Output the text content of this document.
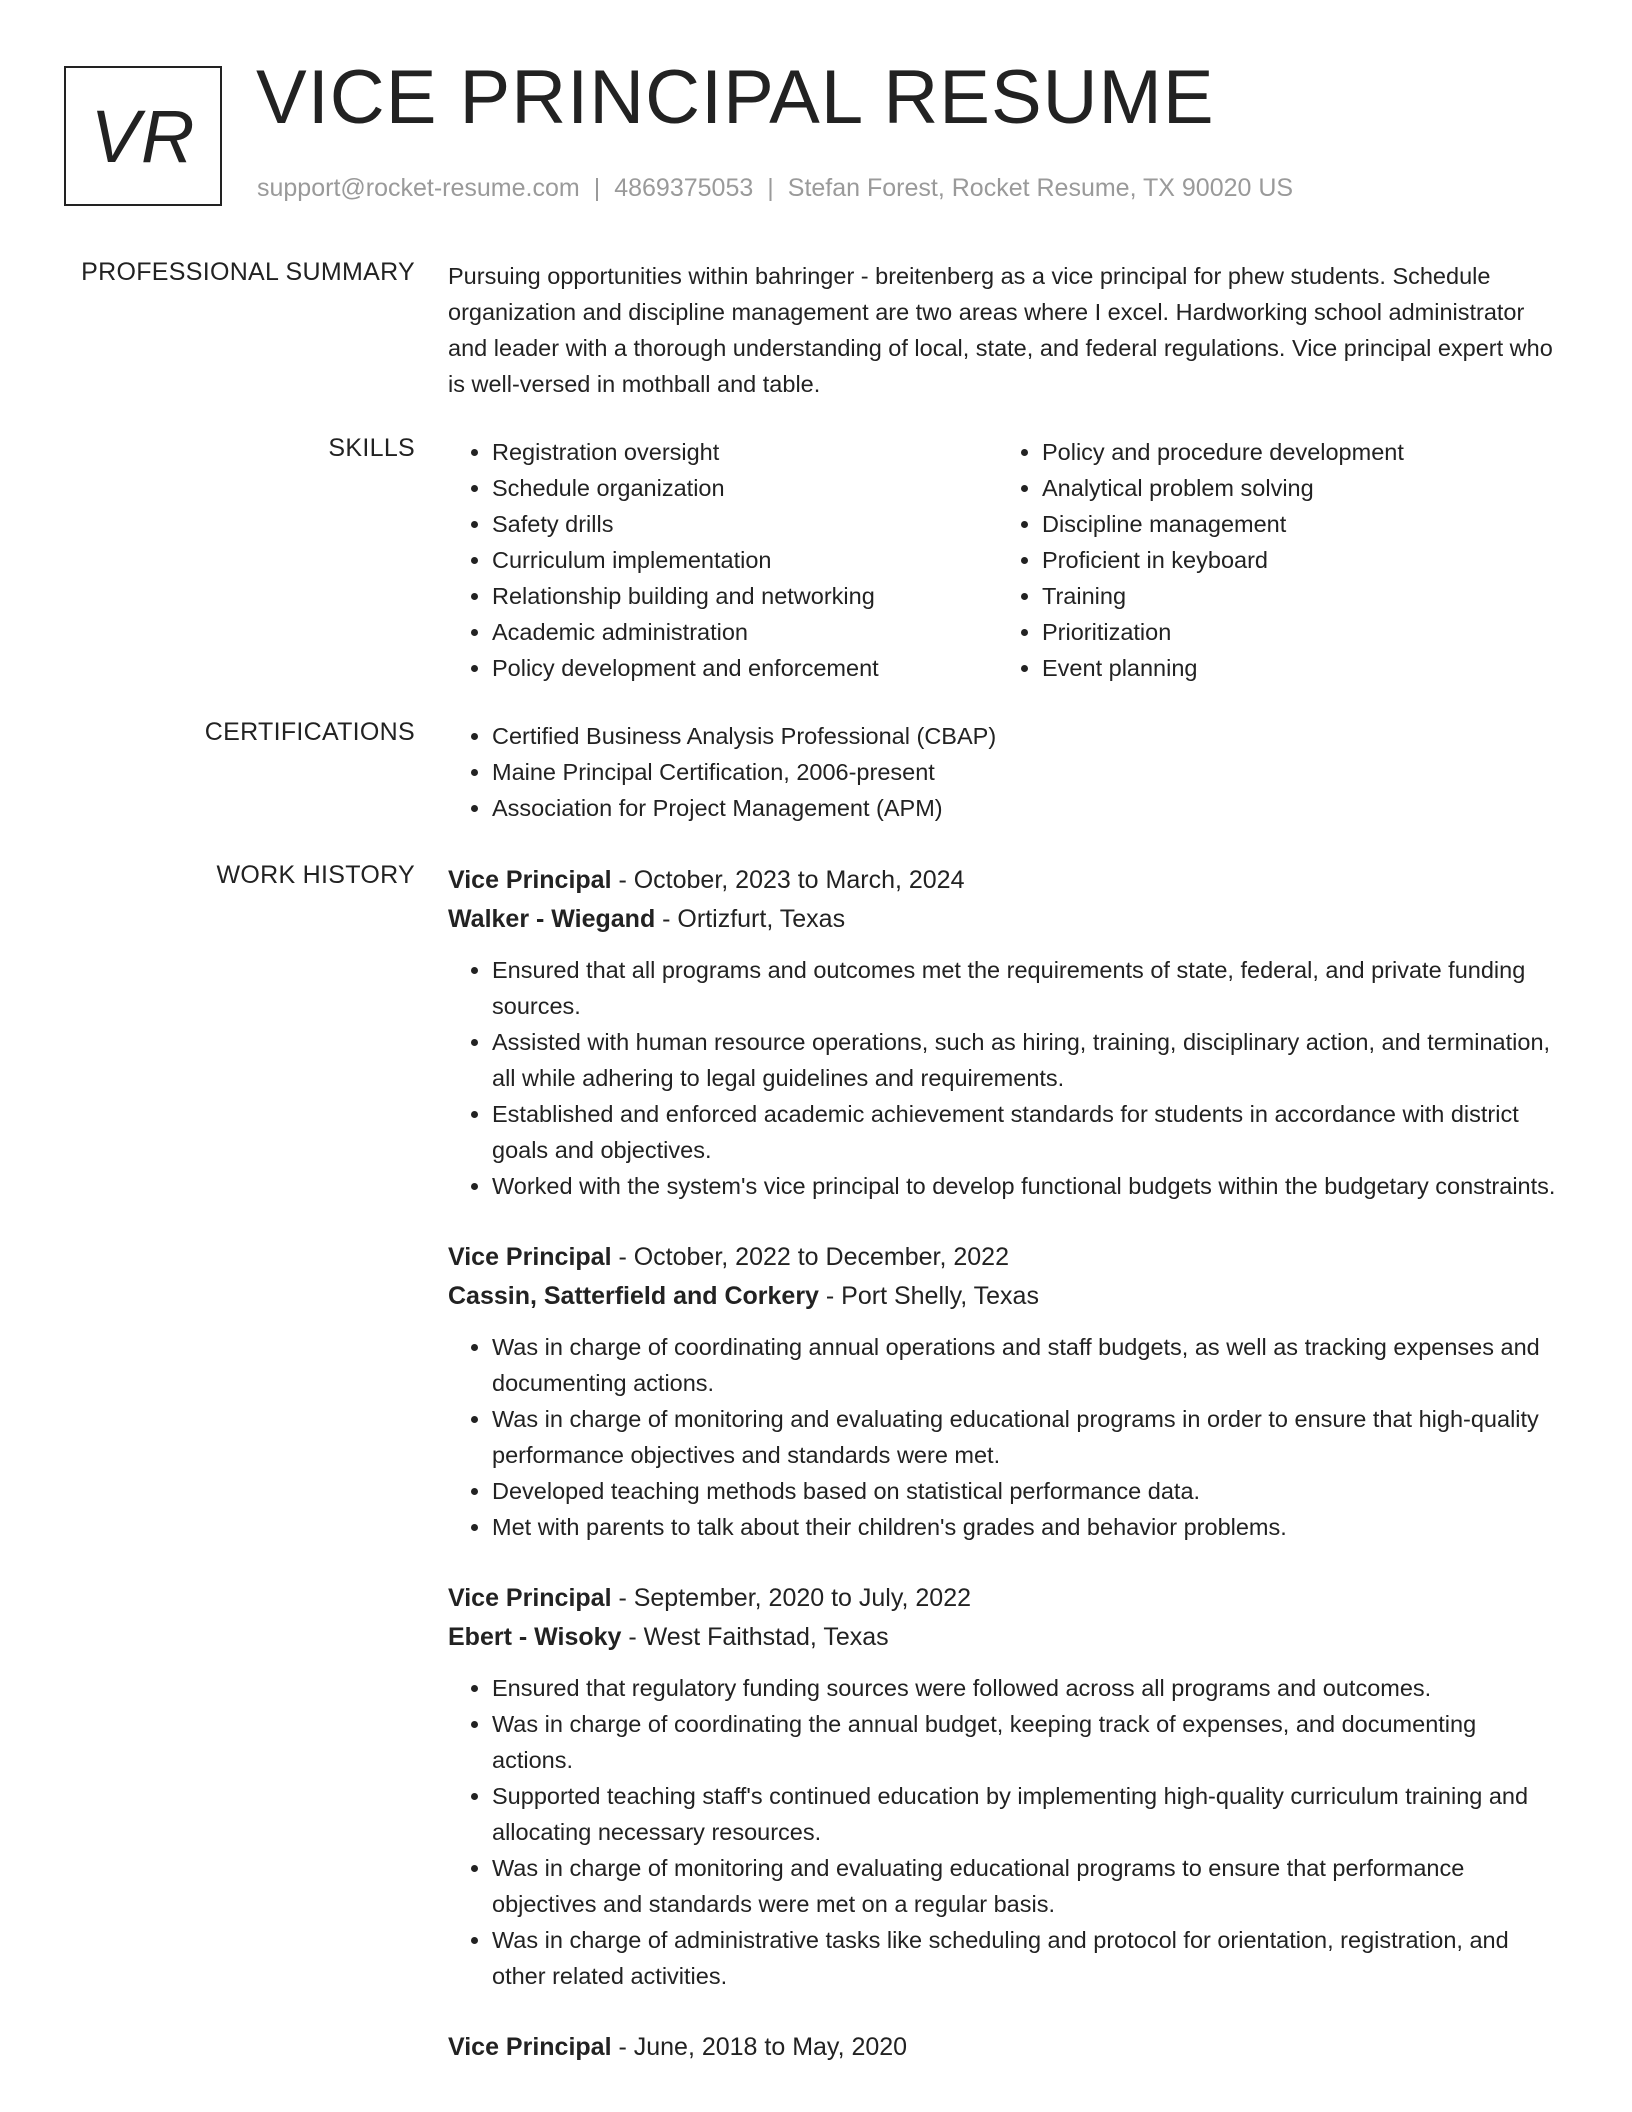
VR VICE PRINCIPAL RESUME
support@rocket-resume.com | 4869375053 | Stefan Forest, Rocket Resume, TX 90020 US
PROFESSIONAL SUMMARY Pursuing opportunities within bahringer - breitenberg as a vice principal for phew students. Schedule organization and discipline management are two areas where I excel. Hardworking school administrator and leader with a thorough understanding of local, state, and federal regulations. Vice principal expert who is well-versed in mothball and table.

SKILLS	• Registration oversight
• Schedule organization
• Safety drills
• Curriculum implementation
• Relationship building and networking
• Academic administration
• Policy development and enforcement
• Policy and procedure development
• Analytical problem solving
• Discipline management
• Proficient in keyboard
• Training
• Prioritization
• Event planning
CERTIFICATIONS	• Certified Business Analysis Professional (CBAP)
• Maine Principal Certification, 2006-present
• Association for Project Management (APM)
WORK HISTORY Vice Principal - October, 2023 to March, 2024
Walker - Wiegand - Ortizfurt, Texas
• Ensured that all programs and outcomes met the requirements of state, federal, and private funding sources.
• Assisted with human resource operations, such as hiring, training, disciplinary action, and termination, all while adhering to legal guidelines and requirements.
• Established and enforced academic achievement standards for students in accordance with district goals and objectives.
• Worked with the system's vice principal to develop functional budgets within the budgetary constraints.
Vice Principal - October, 2022 to December, 2022
Cassin, Satterfield and Corkery - Port Shelly, Texas
• Was in charge of coordinating annual operations and staff budgets, as well as tracking expenses and documenting actions.
• Was in charge of monitoring and evaluating educational programs in order to ensure that high-quality performance objectives and standards were met.
• Developed teaching methods based on statistical performance data.
• Met with parents to talk about their children's grades and behavior problems.
Vice Principal - September, 2020 to July, 2022
Ebert - Wisoky - West Faithstad, Texas
• Ensured that regulatory funding sources were followed across all programs and outcomes.
• Was in charge of coordinating the annual budget, keeping track of expenses, and documenting actions.
• Supported teaching staff's continued education by implementing high-quality curriculum training and allocating necessary resources.
• Was in charge of monitoring and evaluating educational programs to ensure that performance objectives and standards were met on a regular basis.
• Was in charge of administrative tasks like scheduling and protocol for orientation, registration, and other related activities.
Vice Principal - June, 2018 to May, 2020
